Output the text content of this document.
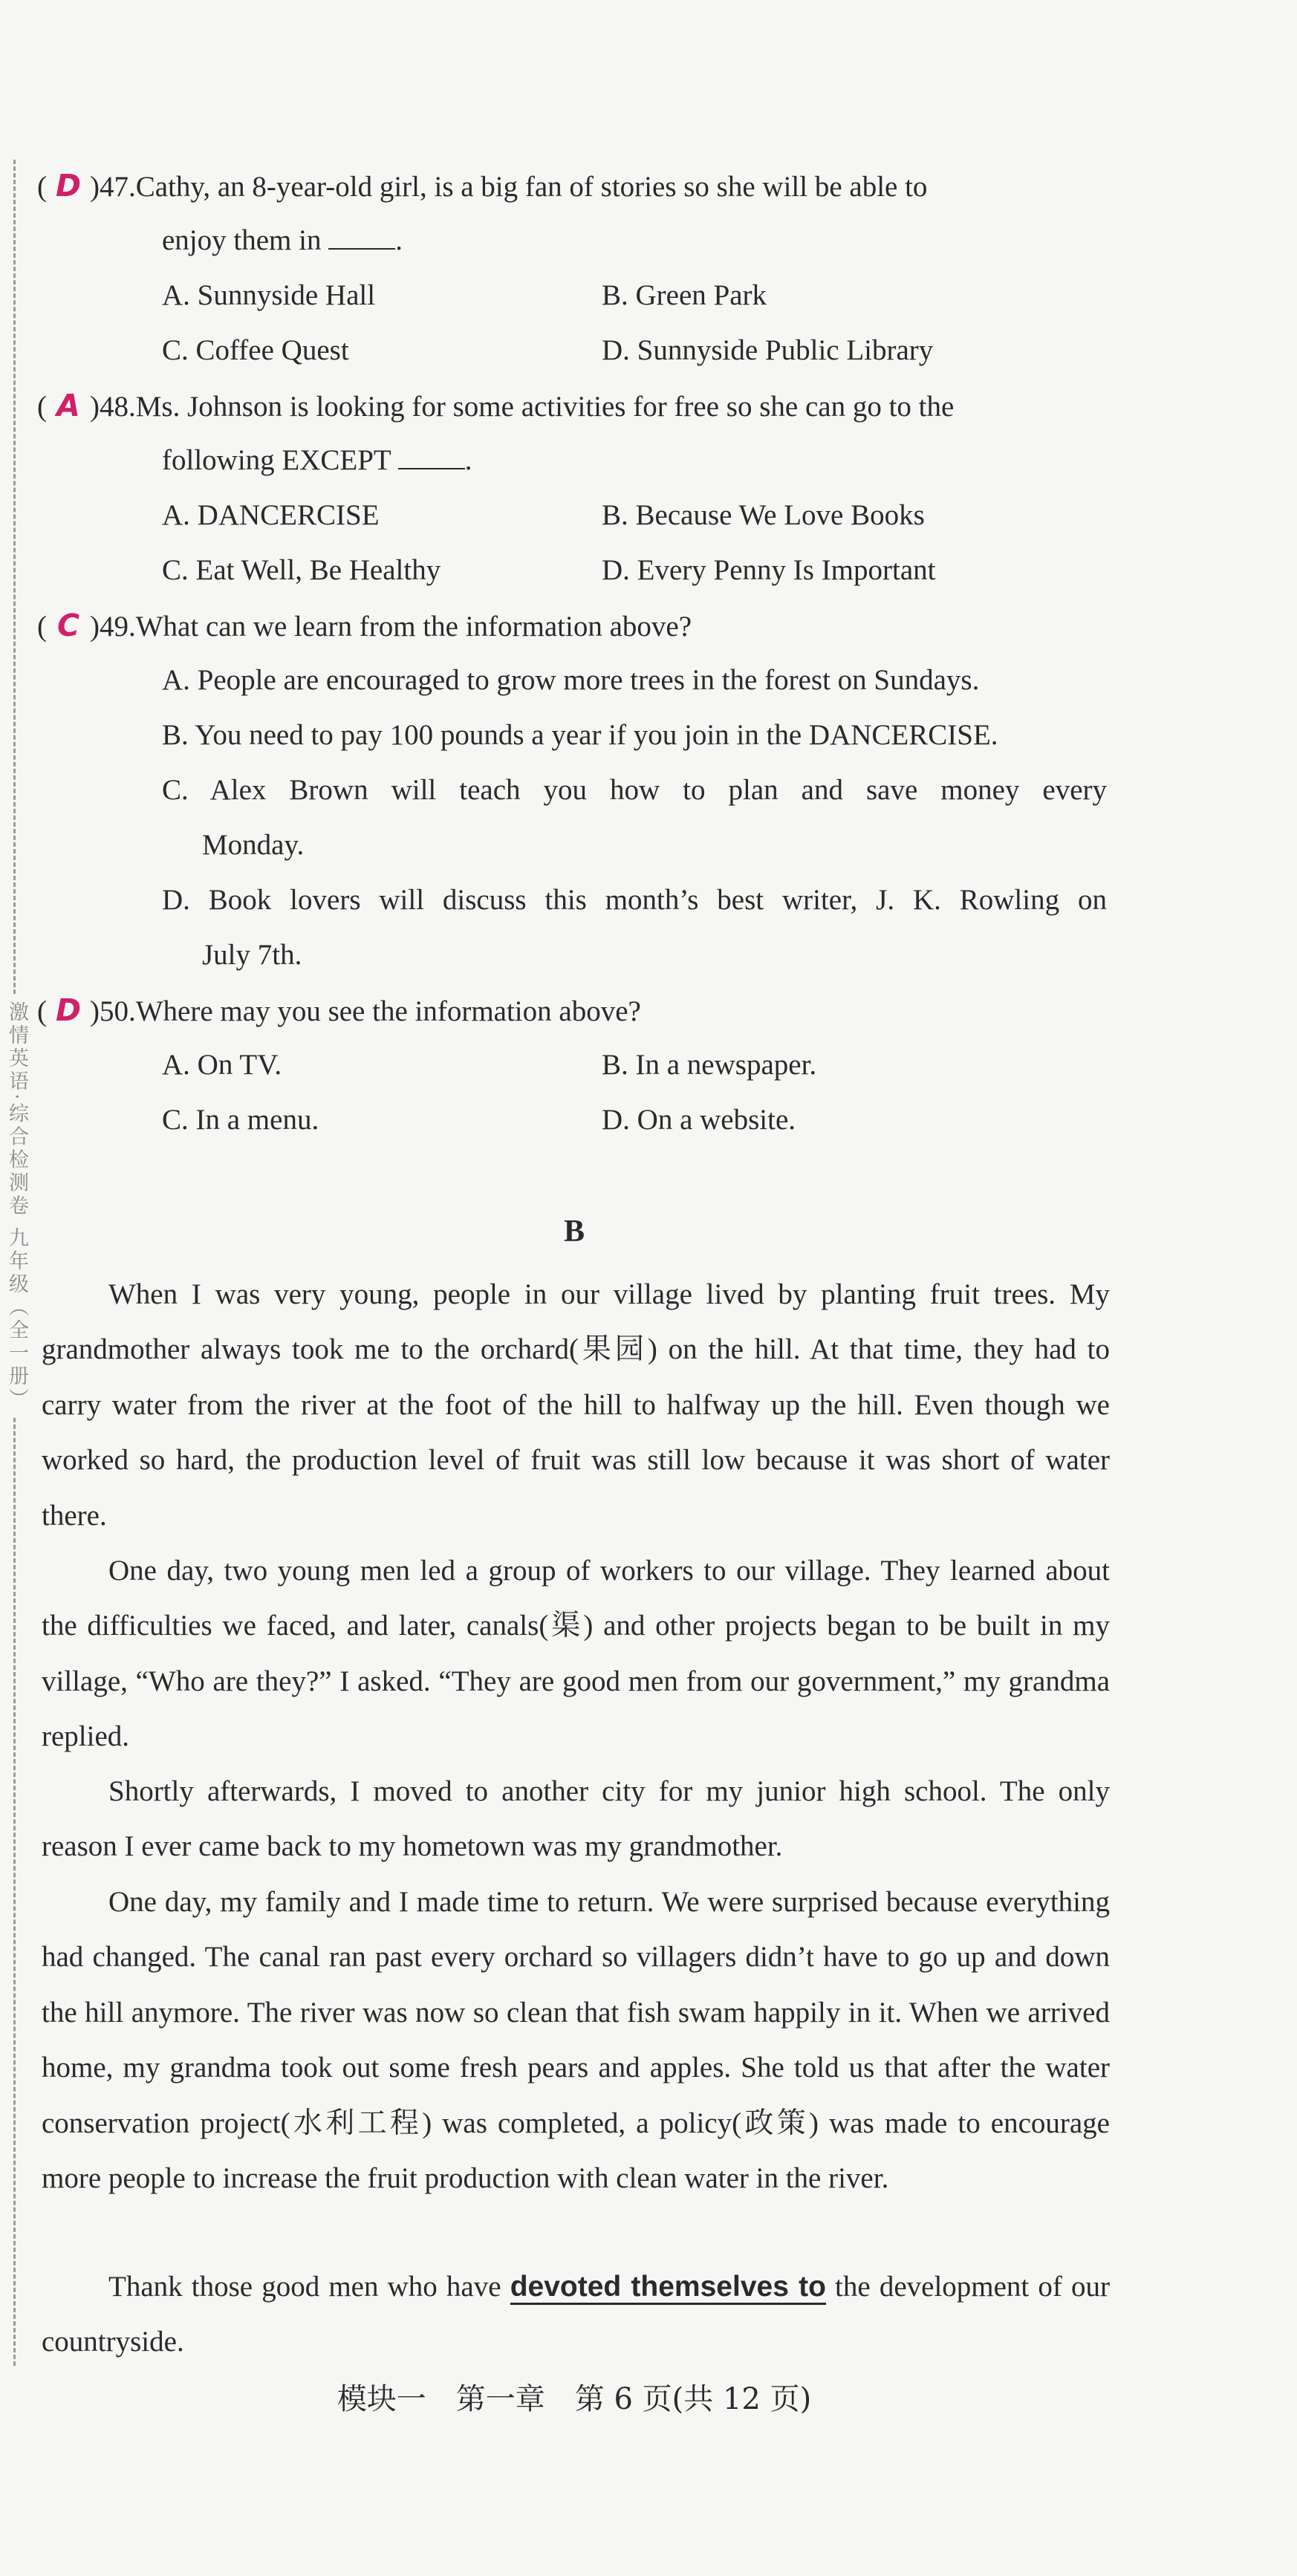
激情英语·综合检测卷 九年级（全一册）
( D )47.Cathy, an 8-year-old girl, is a big fan of stories so she will be able to
enjoy them in	.
A. Sunnyside Hall	B. Green Park
C. Coffee Quest	D. Sunnyside Public Library
( A )48.Ms. Johnson is looking for some activities for free so she can go to the
following EXCEPT	.
A. DANCERCISE	B. Because We Love Books
C. Eat Well, Be Healthy	D. Every Penny Is Important
( C )49.What can we learn from the information above?
A. People are encouraged to grow more trees in the forest on Sundays.
B. You need to pay 100 pounds a year if you join in the DANCERCISE.
C. Alex Brown will teach you how to plan and save money every
Monday.
D. Book lovers will discuss this month’s best writer, J. K. Rowling on
July 7th.
( D )50.Where may you see the information above?
A. On TV.	B. In a newspaper.
C. In a menu.	D. On a website.
B

When I was very young, people in our village lived by planting fruit trees. My grandmother always took me to the orchard(果园) on the hill. At that time, they had to carry water from the river at the foot of the hill to halfway up the hill. Even though we worked so hard, the production level of fruit was still low because it was short of water there.

One day, two young men led a group of workers to our village. They learned about the difficulties we faced, and later, canals(渠) and other projects began to be built in my village, “Who are they?” I asked. “They are good men from our government,” my grandma replied.

Shortly afterwards, I moved to another city for my junior high school. The only reason I ever came back to my hometown was my grandmother.

One day, my family and I made time to return. We were surprised because everything had changed. The canal ran past every orchard so villagers didn’t have to go up and down the hill anymore. The river was now so clean that fish swam happily in it. When we arrived home, my grandma took out some fresh pears and apples. She told us that after the water conservation project(水利工程) was completed, a policy(政策) was made to encourage more people to increase the fruit production with clean water in the river.

Thank those good men who have devoted themselves to the development of our countryside.

模块一　第一章　第 6 页(共 12 页)
